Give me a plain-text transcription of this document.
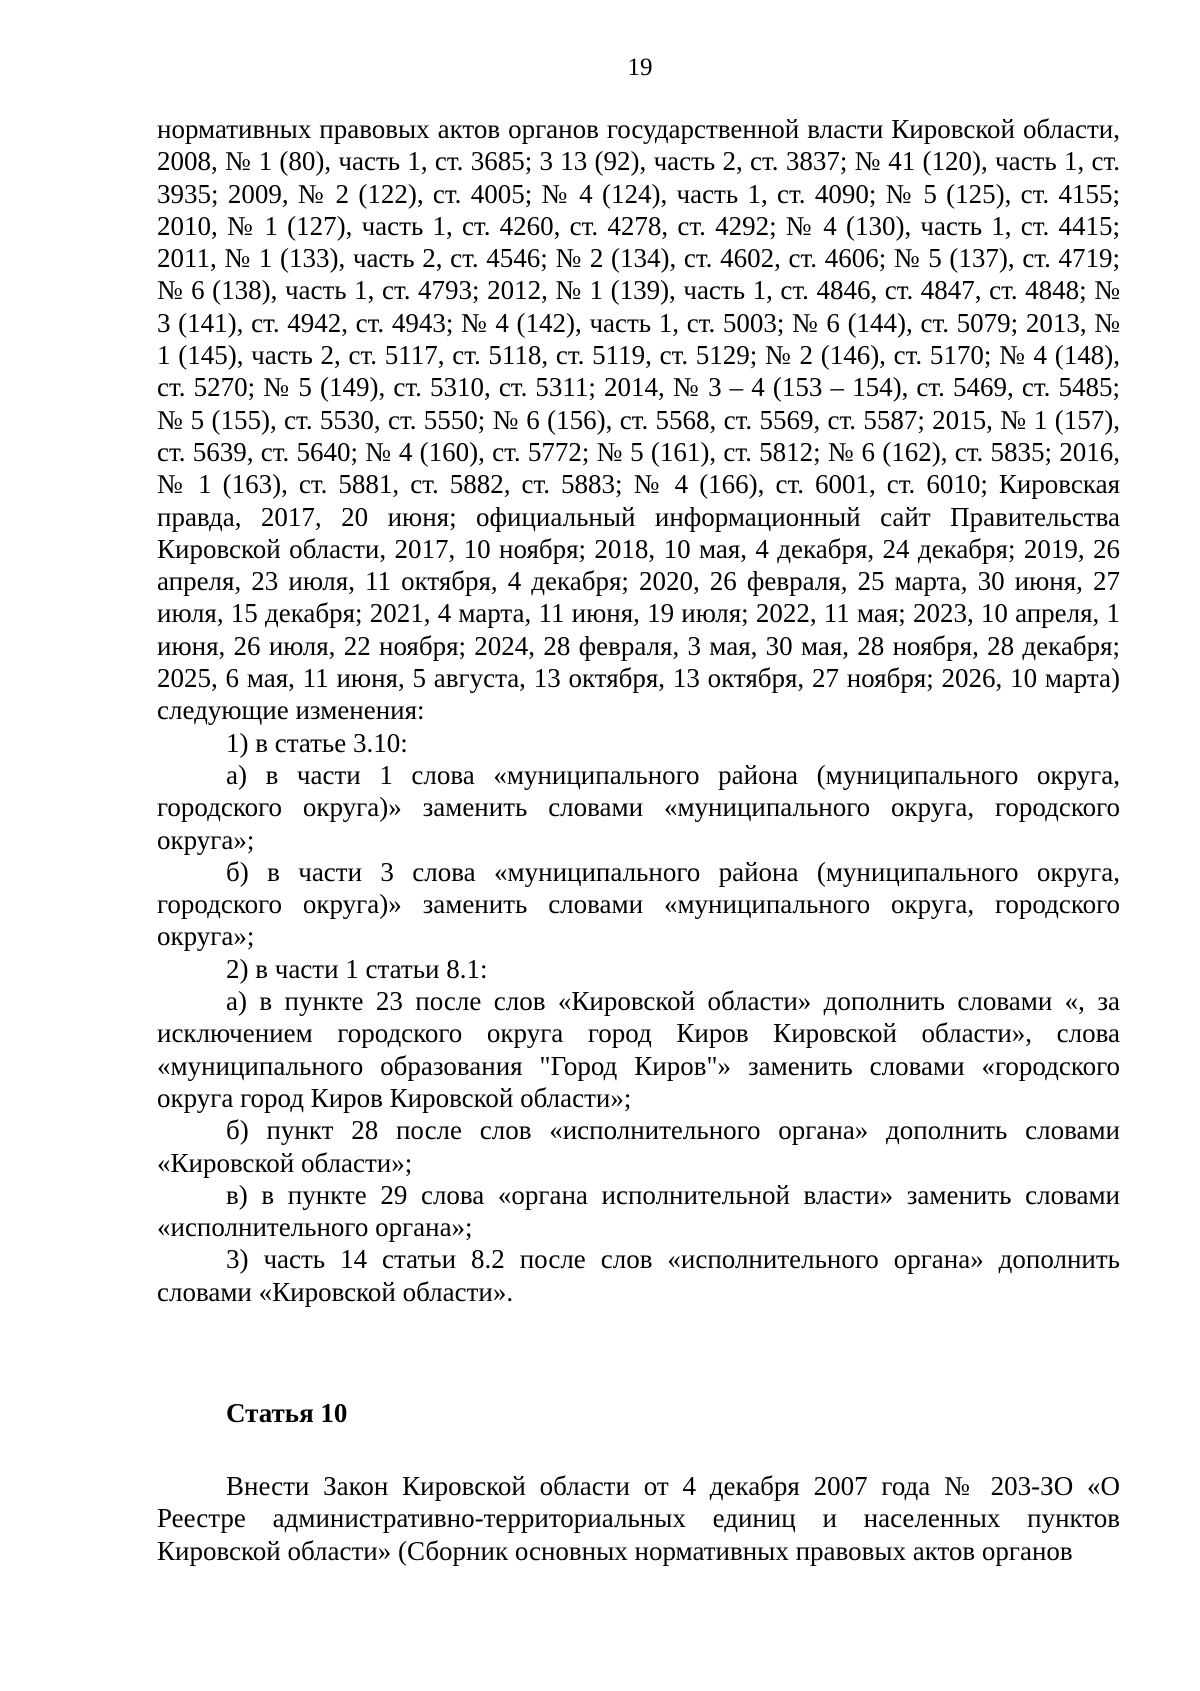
19

нормативных правовых актов органов государственной власти Кировской области, 2008, № 1 (80), часть 1, ст. 3685; 3 13 (92), часть 2, ст. 3837; № 41 (120), часть 1, ст. 3935; 2009, № 2 (122), ст. 4005; № 4 (124), часть 1, ст. 4090; № 5 (125), ст. 4155; 2010, № 1 (127), часть 1, ст. 4260, ст. 4278, ст. 4292; № 4 (130), часть 1, ст. 4415; 2011, № 1 (133), часть 2, ст. 4546; № 2 (134), ст. 4602, ст. 4606; № 5 (137), ст. 4719; № 6 (138), часть 1, ст. 4793; 2012, № 1 (139), часть 1, ст. 4846, ст. 4847, ст. 4848; № 3 (141), ст. 4942, ст. 4943; № 4 (142), часть 1, ст. 5003; № 6 (144), ст. 5079; 2013, № 1 (145), часть 2, ст. 5117, ст. 5118, ст. 5119, ст. 5129; № 2 (146), ст. 5170; № 4 (148), ст. 5270; № 5 (149), ст. 5310, ст. 5311; 2014, № 3 – 4 (153 – 154), ст. 5469, ст. 5485; № 5 (155), ст. 5530, ст. 5550; № 6 (156), ст. 5568, ст. 5569, ст. 5587; 2015, № 1 (157), ст. 5639, ст. 5640; № 4 (160), ст. 5772; № 5 (161), ст. 5812; № 6 (162), ст. 5835; 2016, № 1 (163), ст. 5881, ст. 5882, ст. 5883; № 4 (166), ст. 6001, ст. 6010; Кировская правда, 2017, 20 июня; официальный информационный сайт Правительства Кировской области, 2017, 10 ноября; 2018, 10 мая, 4 декабря, 24 декабря; 2019, 26 апреля, 23 июля, 11 октября, 4 декабря; 2020, 26 февраля, 25 марта, 30 июня, 27 июля, 15 декабря; 2021, 4 марта, 11 июня, 19 июля; 2022, 11 мая; 2023, 10 апреля, 1 июня, 26 июля, 22 ноября; 2024, 28 февраля, 3 мая, 30 мая, 28 ноября, 28 декабря; 2025, 6 мая, 11 июня, 5 августа, 13 октября, 13 октября, 27 ноября; 2026, 10 марта) следующие изменения:

1) в статье 3.10:

а) в части 1 слова «муниципального района (муниципального округа, городского округа)» заменить словами «муниципального округа, городского округа»;

б) в части 3 слова «муниципального района (муниципального округа, городского округа)» заменить словами «муниципального округа, городского округа»;

2) в части 1 статьи 8.1:

а) в пункте 23 после слов «Кировской области» дополнить словами «, за исключением городского округа город Киров Кировской области», слова «муниципального образования "Город Киров"» заменить словами «городского округа город Киров Кировской области»;

б) пункт 28 после слов «исполнительного органа» дополнить словами «Кировской области»;

в) в пункте 29 слова «органа исполнительной власти» заменить словами «исполнительного органа»;

3) часть 14 статьи 8.2 после слов «исполнительного органа» дополнить словами «Кировской области».

Статья 10

Внести Закон Кировской области от 4 декабря 2007 года № 203-ЗО «О Реестре административно-территориальных единиц и населенных пунктов Кировской области» (Сборник основных нормативных правовых актов органов
